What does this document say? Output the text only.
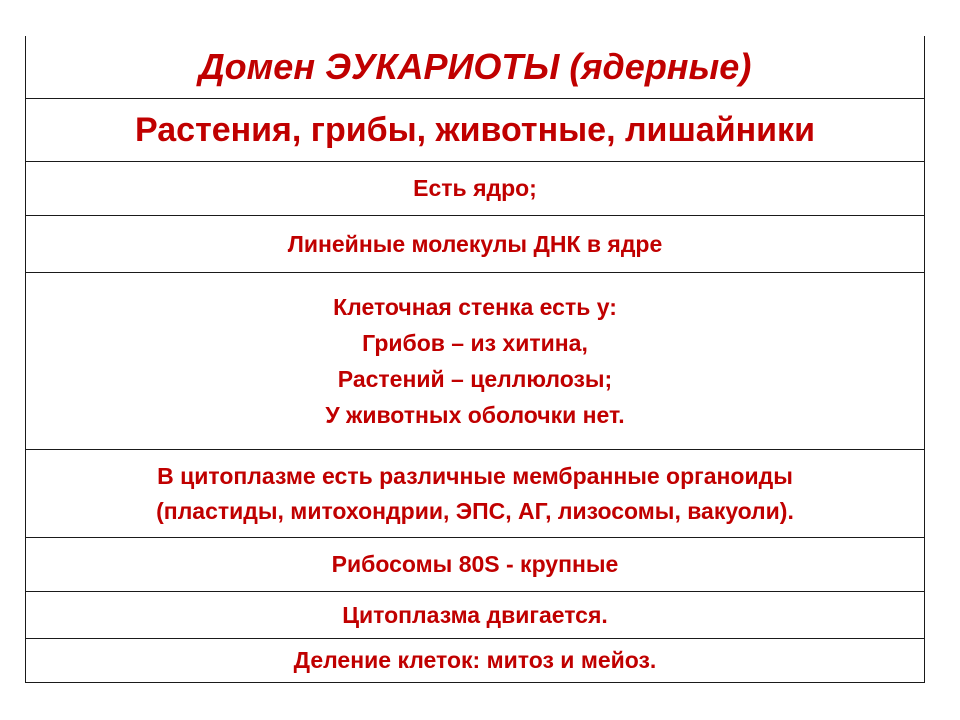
Домен ЭУКАРИОТЫ (ядерные)
Растения, грибы, животные, лишайники
Есть ядро;
Линейные молекулы ДНК в ядре
Клеточная стенка есть у:
Грибов – из хитина,
Растений – целлюлозы;
У животных оболочки нет.
В цитоплазме есть различные мембранные органоиды
(пластиды, митохондрии, ЭПС, АГ, лизосомы, вакуоли).
Рибосомы 80S - крупные
Цитоплазма двигается.
Деление клеток: митоз и мейоз.
